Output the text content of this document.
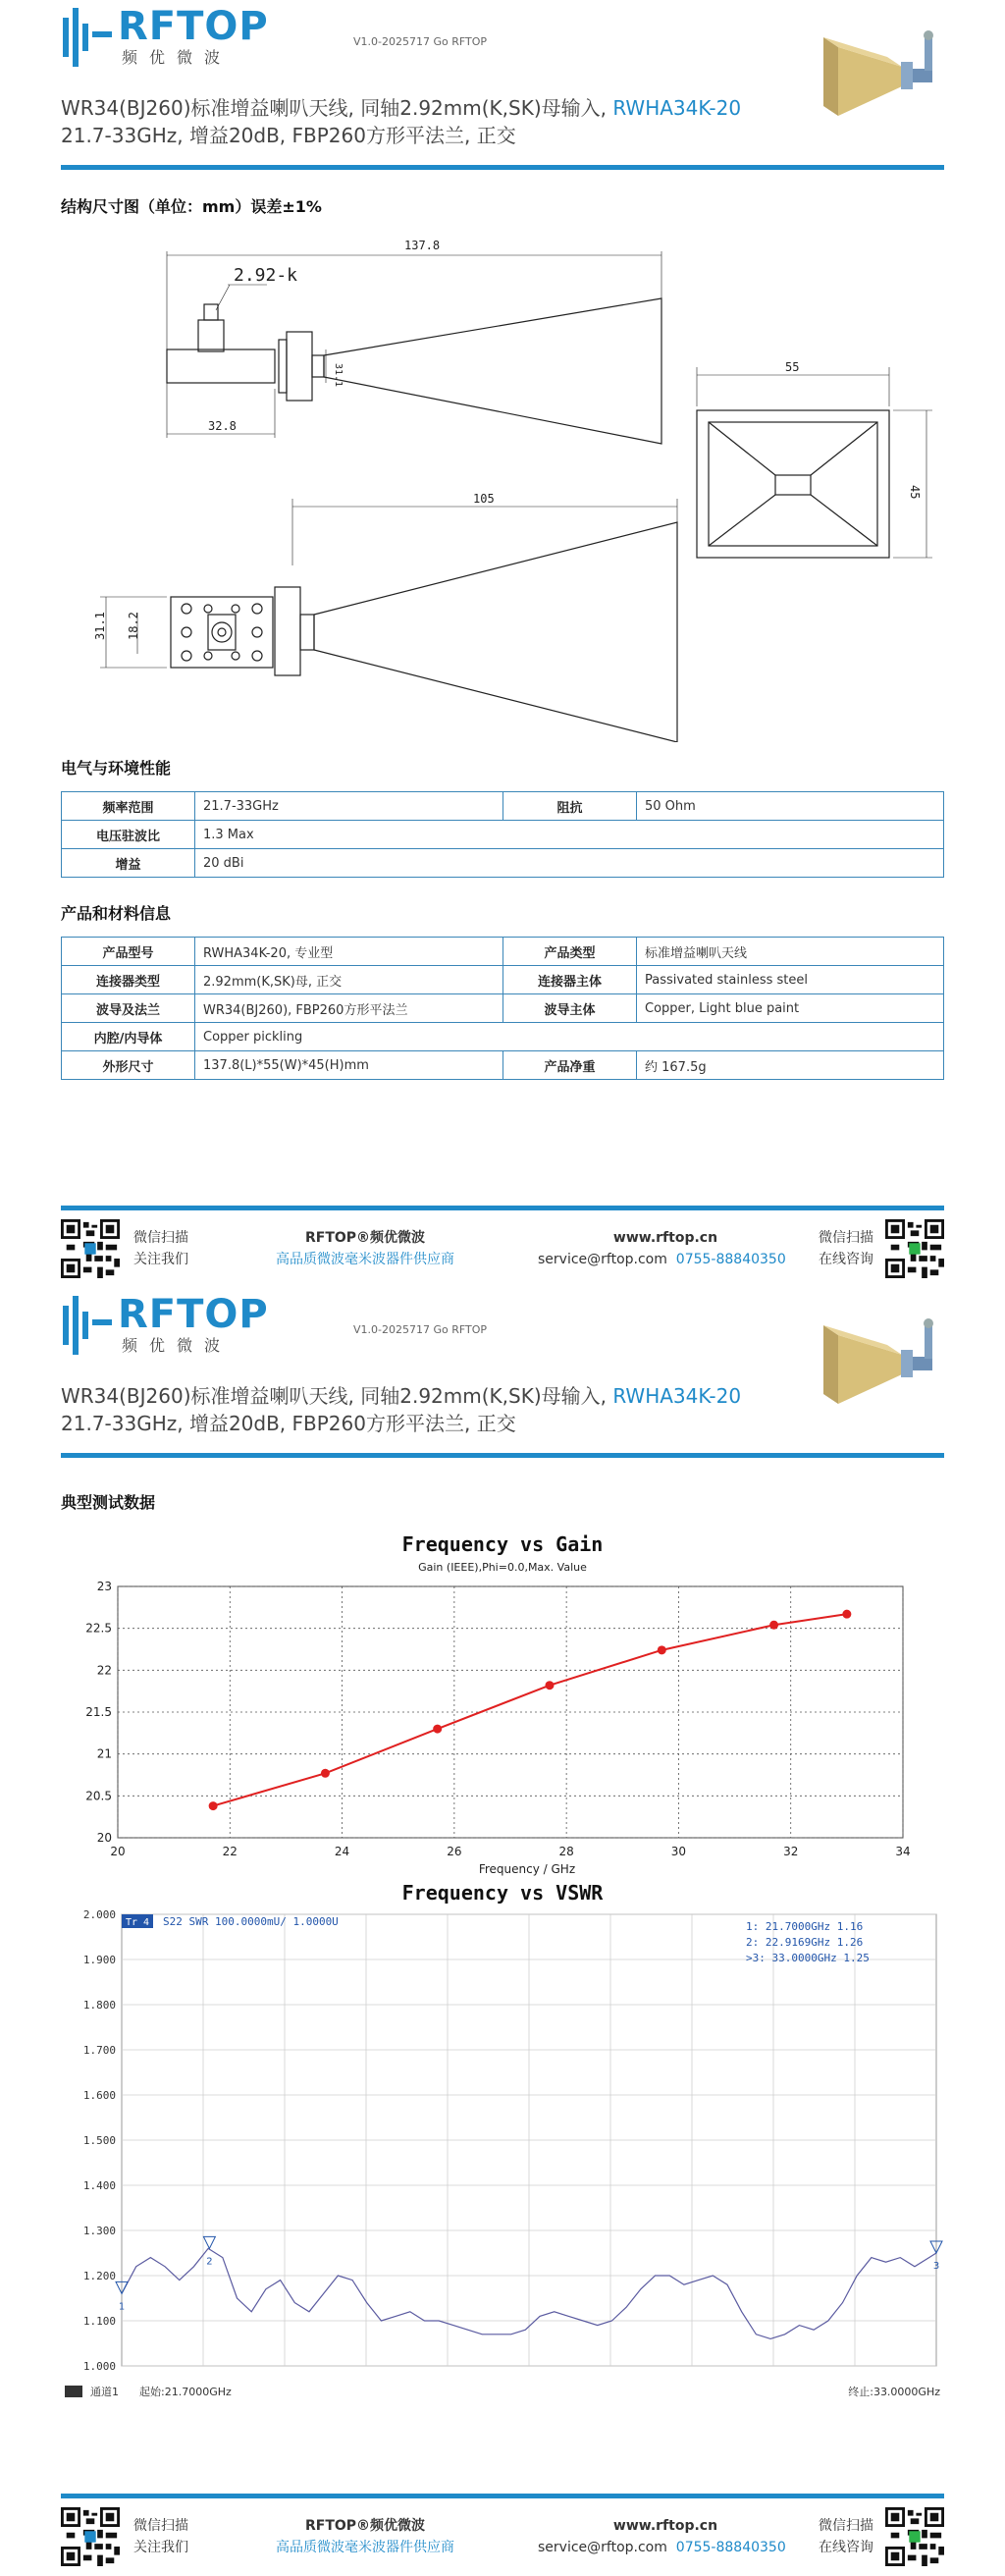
RFTOP
频优微波
V1.0-2025717 Go RFTOP
WR34(BJ260)标准增益喇叭天线, 同轴2.92mm(K,SK)母输入, RWHA34K-20
21.7-33GHz, 增益20dB, FBP260方形平法兰, 正交
结构尺寸图（单位：mm）误差±1%
137.8
2.92-k
31.1
32.8
55
45
105
31.1 18.2
电气与环境性能
频率范围	21.7-33GHz	阻抗	50 Ohm
电压驻波比	1.3 Max		
增益	20 dBi		
产品和材料信息
产品型号	RWHA34K-20, 专业型	产品类型	标准增益喇叭天线
连接器类型	2.92mm(K,SK)母, 正交	连接器主体	Passivated stainless steel
波导及法兰	WR34(BJ260), FBP260方形平法兰	波导主体	Copper, Light blue paint
内腔/内导体	Copper pickling		
外形尺寸	137.8(L)*55(W)*45(H)mm	产品净重	约 167.5g
微信扫描
关注我们
RFTOP®频优微波
高品质微波毫米波器件供应商
www.rftop.cn
service@rftop.com 0755-88840350
微信扫描
在线咨询
RFTOP
频优微波
V1.0-2025717 Go RFTOP
WR34(BJ260)标准增益喇叭天线, 同轴2.92mm(K,SK)母输入, RWHA34K-20
21.7-33GHz, 增益20dB, FBP260方形平法兰, 正交
典型测试数据
Frequency vs Gain
Gain (IEEE),Phi=0.0,Max. Value
20	22	24	26	28	30	32	34
20
20.5
21
21.5
22
22.5
23
Frequency / GHz
Frequency vs VSWR
2.000
1.900
1.800
1.700
1.600
1.500
1.400
1.300
1.200
1.100
1.000
1
2	3
Tr 4 S22 SWR 100.0000mU/ 1.0000U	1: 21.7000GHz 1.16
2: 22.9169GHz 1.26
>3: 33.0000GHz 1.25
通道1 起始:21.7000GHz	终止:33.0000GHz
微信扫描
关注我们
RFTOP®频优微波
高品质微波毫米波器件供应商
www.rftop.cn
service@rftop.com 0755-88840350
微信扫描
在线咨询
